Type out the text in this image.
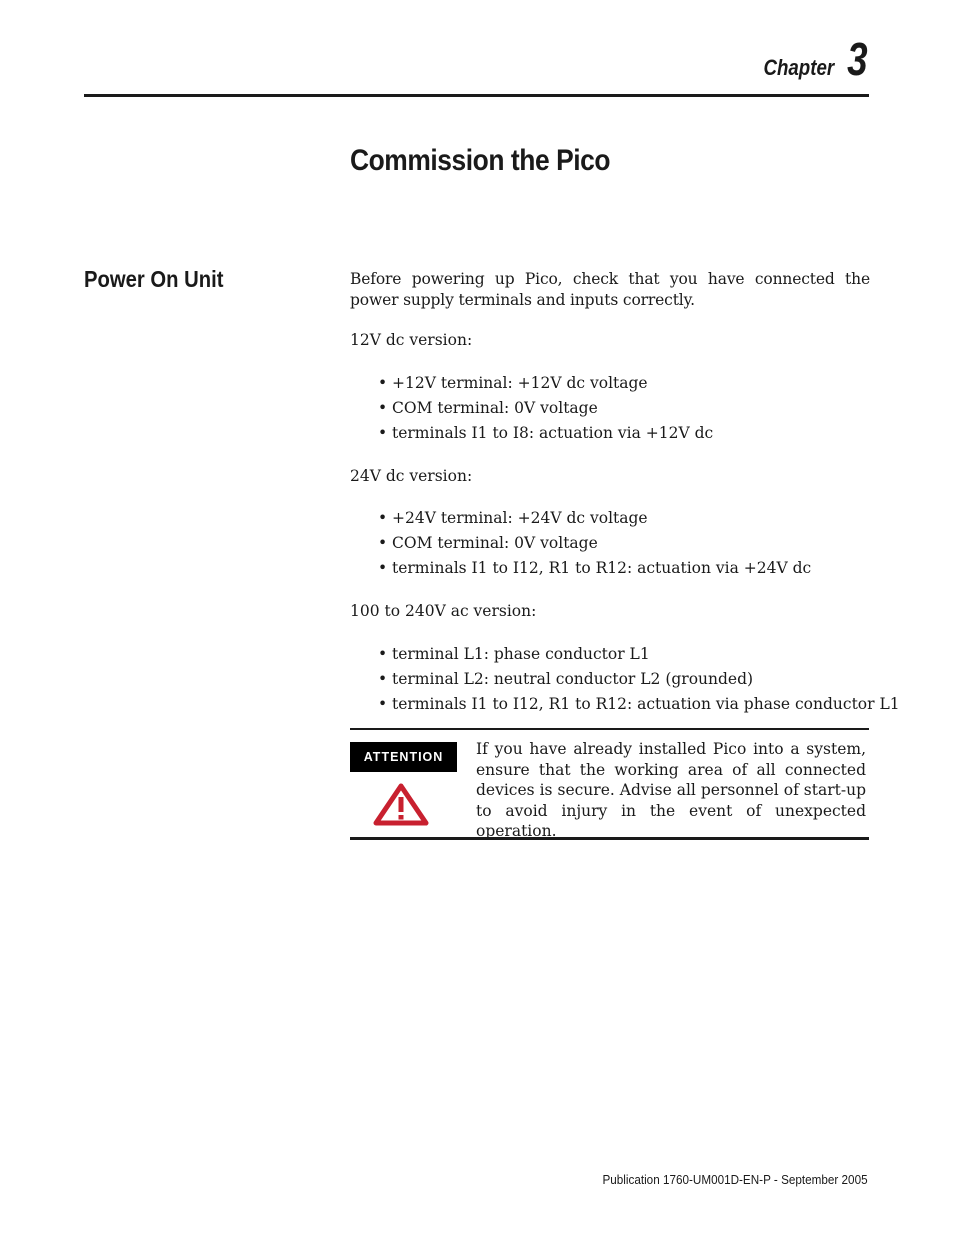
Chapter 3
Commission the Pico
Power On Unit	Before powering up Pico, check that you have connected the power supply terminals and inputs correctly.

12V dc version:

• +12V terminal: +12V dc voltage
• COM terminal: 0V voltage
• terminals I1 to I8: actuation via +12V dc

24V dc version:

• +24V terminal: +24V dc voltage
• COM terminal: 0V voltage
• terminals I1 to I12, R1 to R12: actuation via +24V dc

100 to 240V ac version:

• terminal L1: phase conductor L1
• terminal L2: neutral conductor L2 (grounded)
• terminals I1 to I12, R1 to R12: actuation via phase conductor L1
ATTENTION	If you have already installed Pico into a system, ensure that the working area of all connected devices is secure. Advise all personnel of start-up to avoid injury in the event of unexpected operation.

Publication 1760-UM001D-EN-P - September 2005
